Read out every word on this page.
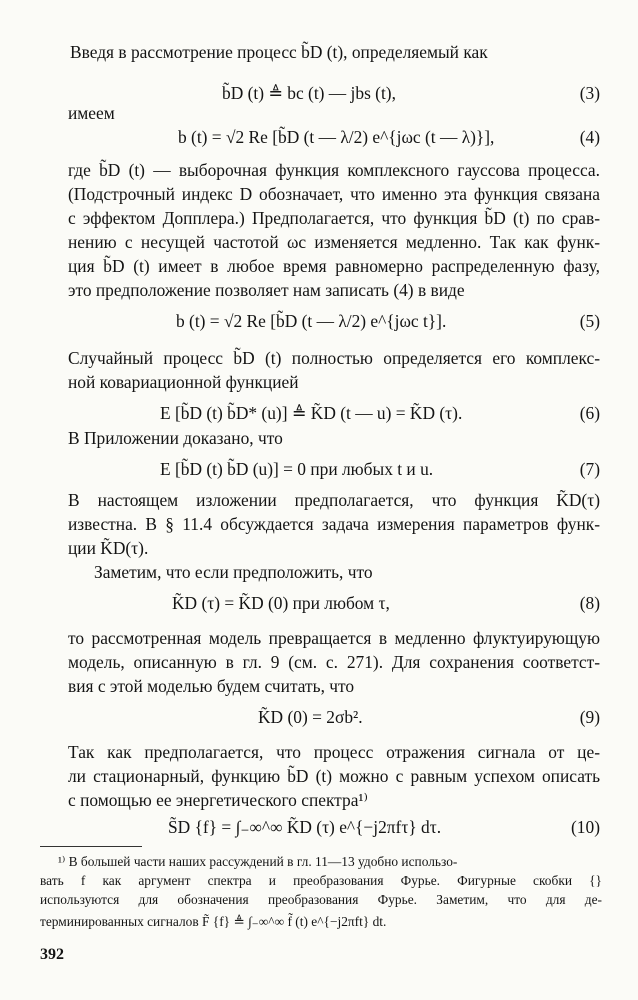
Введя в рассмотрение процесс b̃D (t), определяемый как
b̃D (t) ≜ bc (t) — jbs (t),	(3)
имеем
b (t) = √2 Re [b̃D (t — λ/2) e^{jωc (t — λ)}],	(4)
где b̃D (t) — выборочная функция комплексного гауссова процесса.
(Подстрочный индекс D обозначает, что именно эта функция связана
с эффектом Допплера.) Предполагается, что функция b̃D (t) по срав-
нению с несущей частотой ωc изменяется медленно. Так как функ-
ция b̃D (t) имеет в любое время равномерно распределенную фазу,
это предположение позволяет нам записать (4) в виде
b (t) = √2 Re [b̃D (t — λ/2) e^{jωc t}].	(5)
Случайный процесс b̃D (t) полностью определяется его комплекс-
ной ковариационной функцией
E [b̃D (t) b̃D* (u)] ≜ K̃D (t — u) = K̃D (τ).	(6)
В Приложении доказано, что
E [b̃D (t) b̃D (u)] = 0 при любых t и u.	(7)
В настоящем изложении предполагается, что функция K̃D(τ)
известна. В § 11.4 обсуждается задача измерения параметров функ-
ции K̃D(τ).
Заметим, что если предположить, что
K̃D (τ) = K̃D (0) при любом τ,	(8)
то рассмотренная модель превращается в медленно флуктуирующую
модель, описанную в гл. 9 (см. с. 271). Для сохранения соответст-
вия с этой моделью будем считать, что
K̃D (0) = 2σb².	(9)
Так как предполагается, что процесс отражения сигнала от це-
ли стационарный, функцию b̃D (t) можно с равным успехом описать
с помощью ее энергетического спектра¹⁾
S̃D {f} = ∫₋∞^∞ K̃D (τ) e^{−j2πfτ} dτ.	(10)
¹⁾ В большей части наших рассуждений в гл. 11—13 удобно использо-
вать f как аргумент спектра и преобразования Фурье. Фигурные скобки {}
используются для обозначения преобразования Фурье. Заметим, что для де-
терминированных сигналов F̃ {f} ≜ ∫₋∞^∞ f̃ (t) e^{−j2πft} dt.
392
